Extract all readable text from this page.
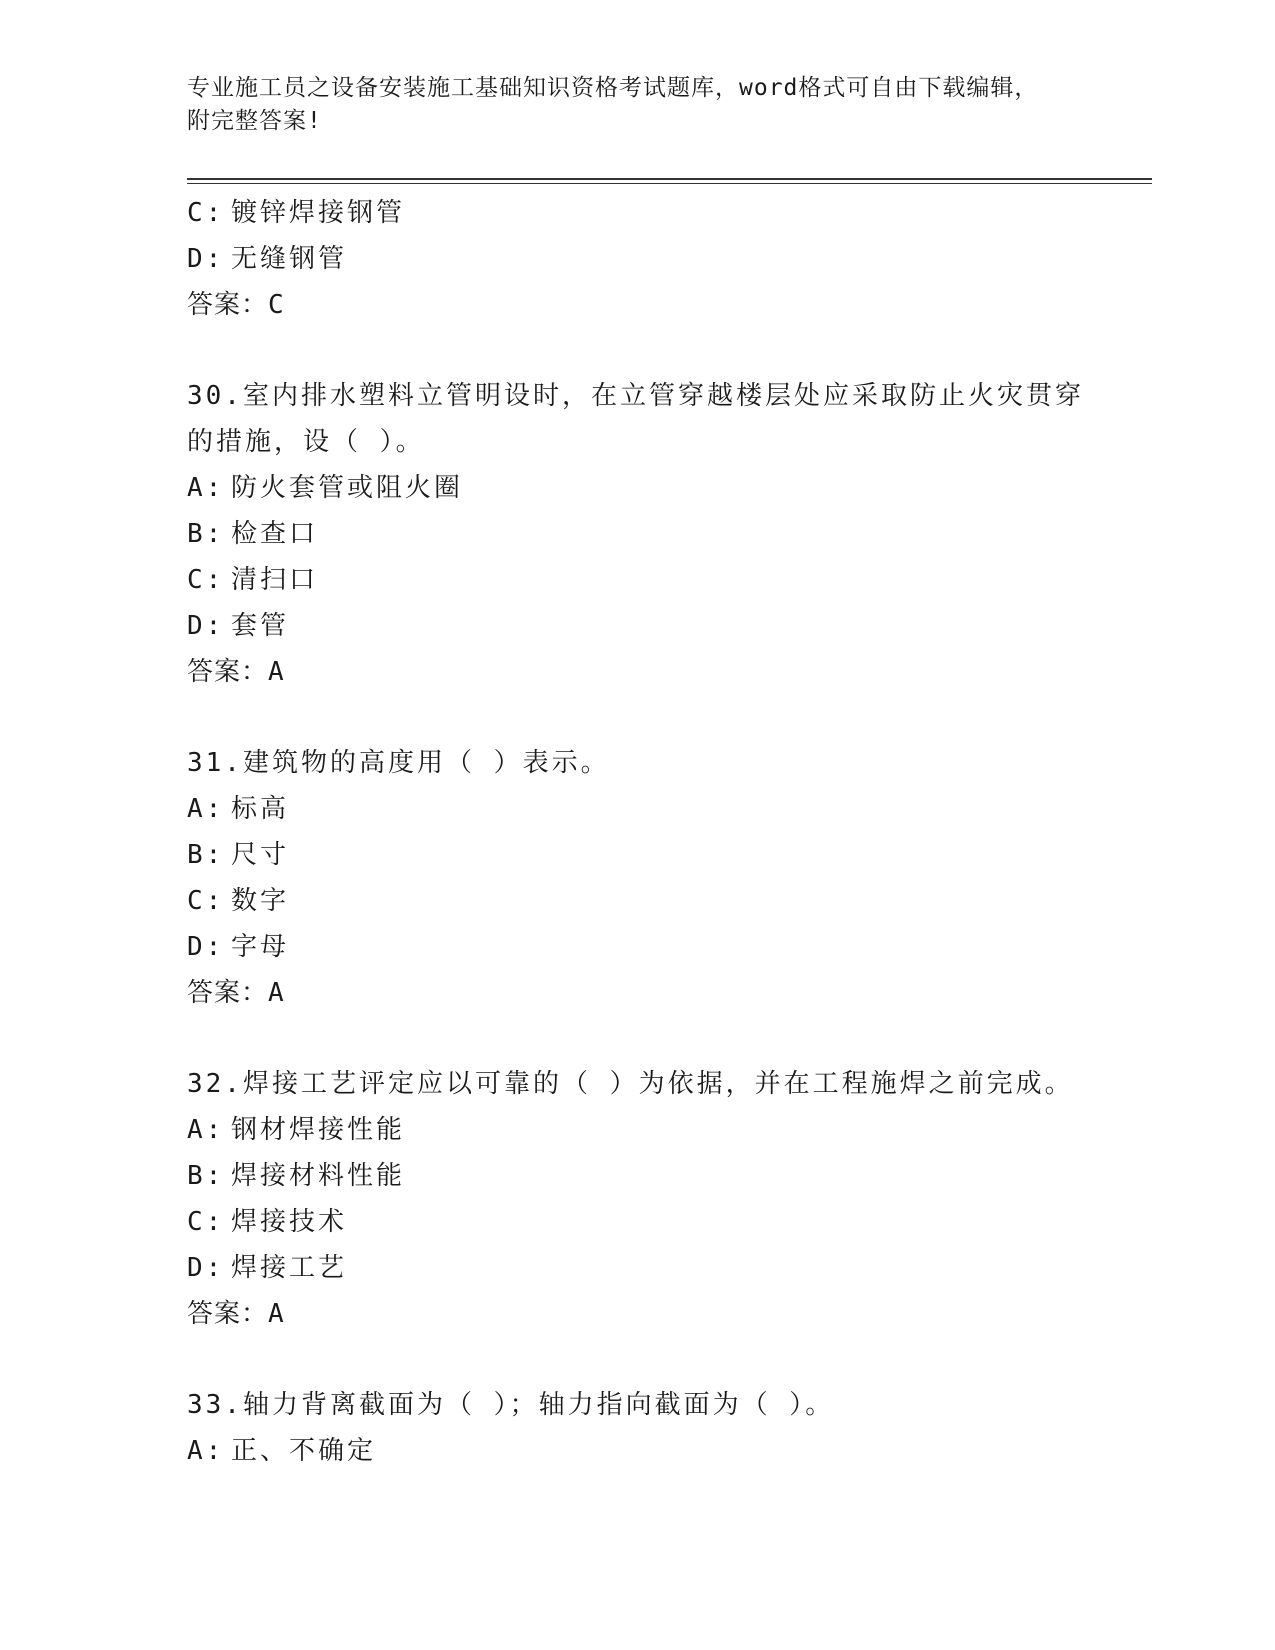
专业施工员之设备安装施工基础知识资格考试题库，word格式可自由下载编辑，
附完整答案!
C: 镀锌焊接钢管
D: 无缝钢管
答案：C
30.室内排水塑料立管明设时，在立管穿越楼层处应采取防止火灾贯穿
的措施，设（ ）。
A: 防火套管或阻火圈
B: 检查口
C: 清扫口
D: 套管
答案：A
31.建筑物的高度用（ ）表示。
A: 标高
B: 尺寸
C: 数字
D: 字母
答案：A
32.焊接工艺评定应以可靠的（ ）为依据，并在工程施焊之前完成。
A: 钢材焊接性能
B: 焊接材料性能
C: 焊接技术
D: 焊接工艺
答案：A
33.轴力背离截面为（ ）；轴力指向截面为（ ）。
A: 正、不确定
